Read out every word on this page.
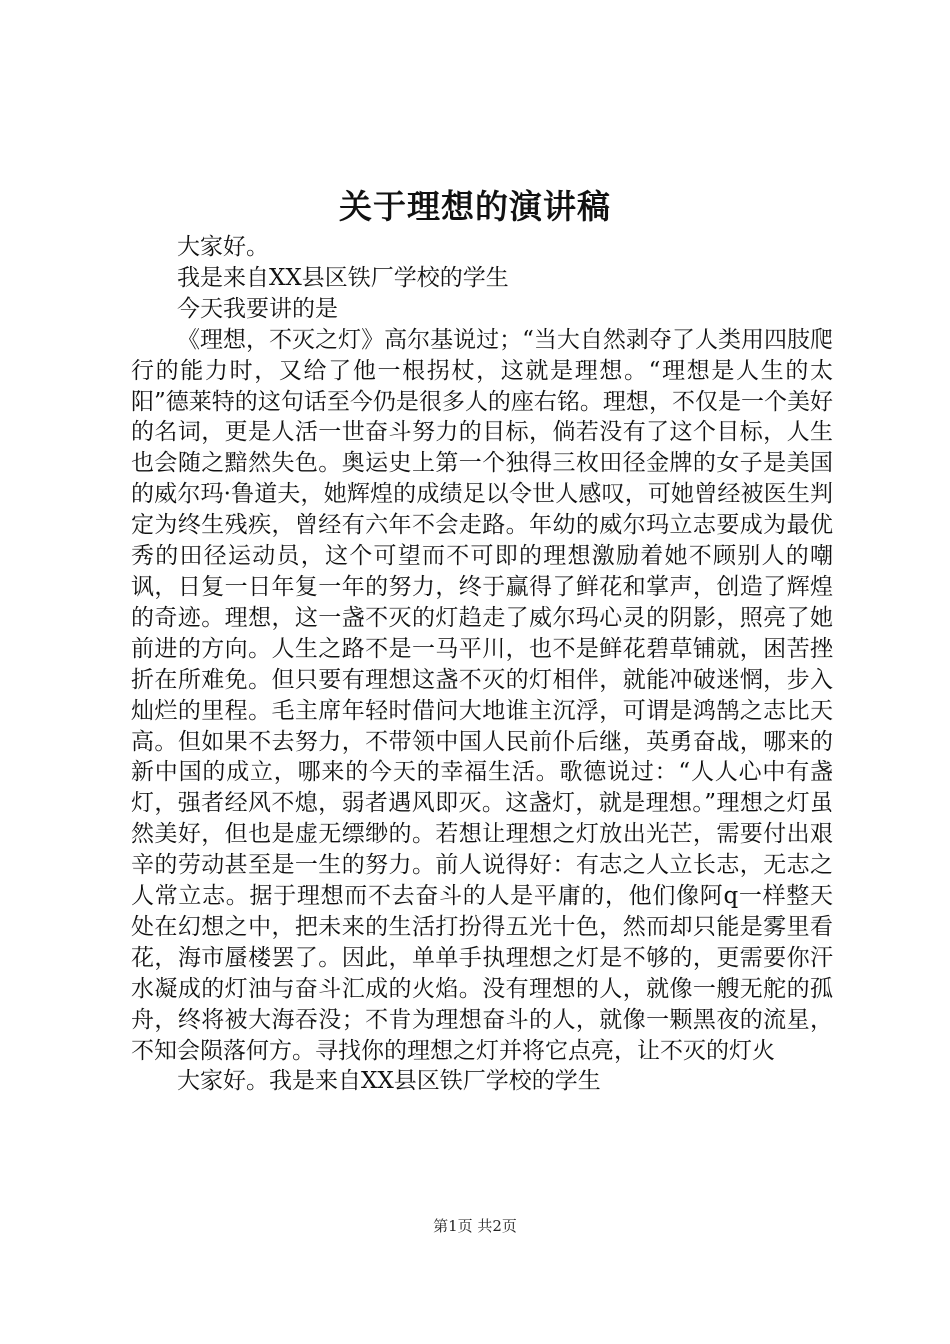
关于理想的演讲稿

大家好。

我是来自XX县区铁厂学校的学生

今天我要讲的是

《理想，不灭之灯》高尔基说过；“当大自然剥夺了人类用四肢爬行的能力时，又给了他一根拐杖，这就是理想。“理想是人生的太阳”德莱特的这句话至今仍是很多人的座右铭。理想，不仅是一个美好的名词，更是人活一世奋斗努力的目标，倘若没有了这个目标，人生也会随之黯然失色。奥运史上第一个独得三枚田径金牌的女子是美国的威尔玛·鲁道夫，她辉煌的成绩足以令世人感叹，可她曾经被医生判定为终生残疾，曾经有六年不会走路。年幼的威尔玛立志要成为最优秀的田径运动员，这个可望而不可即的理想激励着她不顾别人的嘲讽，日复一日年复一年的努力，终于赢得了鲜花和掌声，创造了辉煌的奇迹。理想，这一盏不灭的灯趋走了威尔玛心灵的阴影，照亮了她前进的方向。人生之路不是一马平川，也不是鲜花碧草铺就，困苦挫折在所难免。但只要有理想这盏不灭的灯相伴，就能冲破迷惘，步入灿烂的里程。毛主席年轻时借问大地谁主沉浮，可谓是鸿鹄之志比天高。但如果不去努力，不带领中国人民前仆后继，英勇奋战，哪来的新中国的成立，哪来的今天的幸福生活。歌德说过：“人人心中有盏灯，强者经风不熄，弱者遇风即灭。这盏灯，就是理想。”理想之灯虽然美好，但也是虚无缥缈的。若想让理想之灯放出光芒，需要付出艰辛的劳动甚至是一生的努力。前人说得好：有志之人立长志，无志之人常立志。据于理想而不去奋斗的人是平庸的，他们像阿q一样整天处在幻想之中，把未来的生活打扮得五光十色，然而却只能是雾里看花，海市蜃楼罢了。因此，单单手执理想之灯是不够的，更需要你汗水凝成的灯油与奋斗汇成的火焰。没有理想的人，就像一艘无舵的孤舟，终将被大海吞没；不肯为理想奋斗的人，就像一颗黑夜的流星，不知会陨落何方。寻找你的理想之灯并将它点亮，让不灭的灯火

大家好。我是来自XX县区铁厂学校的学生

第1页 共2页
